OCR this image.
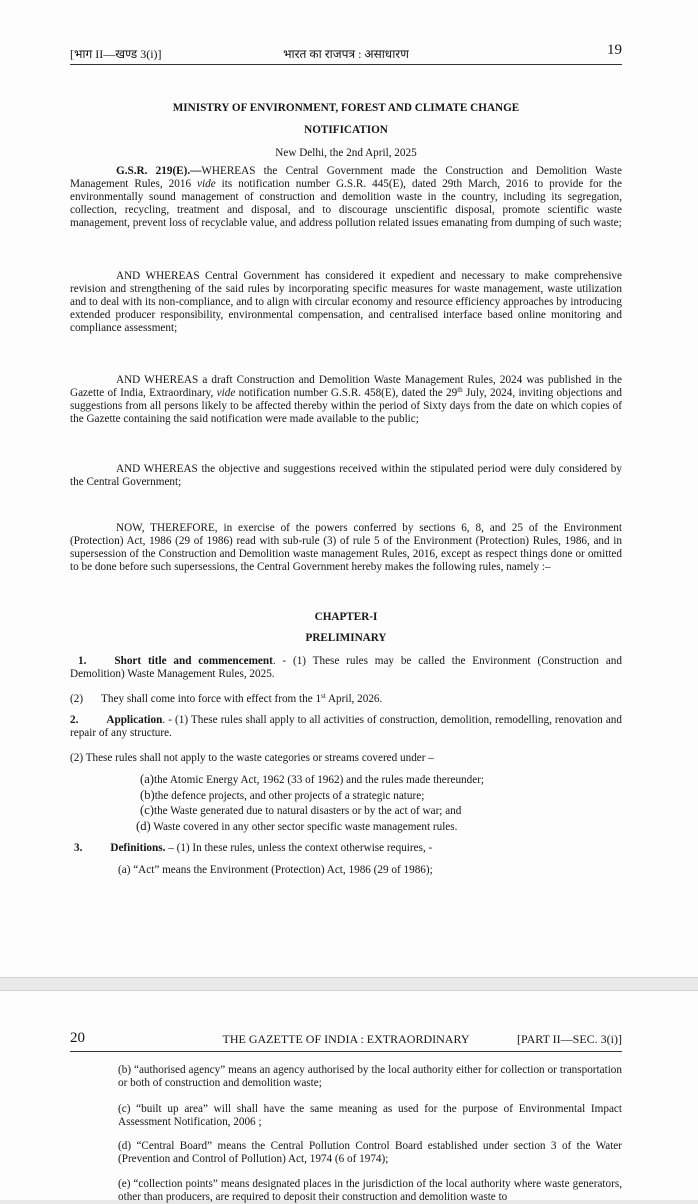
[भाग II—खण्ड 3(i)]	भारत का राजपत्र : असाधारण	19
MINISTRY OF ENVIRONMENT, FOREST AND CLIMATE CHANGE
NOTIFICATION
New Delhi, the 2nd April, 2025
G.S.R. 219(E).—WHEREAS the Central Government made the Construction and Demolition Waste Management Rules, 2016 vide its notification number G.S.R. 445(E), dated 29th March, 2016 to provide for the environmentally sound management of construction and demolition waste in the country, including its segregation, collection, recycling, treatment and disposal, and to discourage unscientific disposal, promote scientific waste management, prevent loss of recyclable value, and address pollution related issues emanating from dumping of such waste;
AND WHEREAS Central Government has considered it expedient and necessary to make comprehensive revision and strengthening of the said rules by incorporating specific measures for waste management, waste utilization and to deal with its non-compliance, and to align with circular economy and resource efficiency approaches by introducing extended producer responsibility, environmental compensation, and centralised interface based online monitoring and compliance assessment;
AND WHEREAS a draft Construction and Demolition Waste Management Rules, 2024 was published in the Gazette of India, Extraordinary, vide notification number G.S.R. 458(E), dated the 29th July, 2024, inviting objections and suggestions from all persons likely to be affected thereby within the period of Sixty days from the date on which copies of the Gazette containing the said notification were made available to the public;
AND WHEREAS the objective and suggestions received within the stipulated period were duly considered by the Central Government;
NOW, THEREFORE, in exercise of the powers conferred by sections 6, 8, and 25 of the Environment (Protection) Act, 1986 (29 of 1986) read with sub-rule (3) of rule 5 of the Environment (Protection) Rules, 1986, and in supersession of the Construction and Demolition waste management Rules, 2016, except as respect things done or omitted to be done before such supersessions, the Central Government hereby makes the following rules, namely :–
CHAPTER-I
PRELIMINARY
1.	Short title and commencement. - (1) These rules may be called the Environment (Construction and Demolition) Waste Management Rules, 2025.
(2) They shall come into force with effect from the 1st April, 2026.
2.	Application. - (1) These rules shall apply to all activities of construction, demolition, remodelling, renovation and repair of any structure.
(2) These rules shall not apply to the waste categories or streams covered under –
(a)the Atomic Energy Act, 1962 (33 of 1962) and the rules made thereunder;
(b)the defence projects, and other projects of a strategic nature;
(c)the Waste generated due to natural disasters or by the act of war; and
(d) Waste covered in any other sector specific waste management rules.
3.	Definitions. – (1) In these rules, unless the context otherwise requires, -
(a) “Act” means the Environment (Protection) Act, 1986 (29 of 1986);
20	THE GAZETTE OF INDIA : EXTRAORDINARY	[PART II—SEC. 3(i)]
(b) “authorised agency” means an agency authorised by the local authority either for collection or transportation or both of construction and demolition waste;
(c) “built up area” will shall have the same meaning as used for the purpose of Environmental Impact Assessment Notification, 2006 ;
(d) “Central Board” means the Central Pollution Control Board established under section 3 of the Water (Prevention and Control of Pollution) Act, 1974 (6 of 1974);
(e) “collection points” means designated places in the jurisdiction of the local authority where waste generators, other than producers, are required to deposit their construction and demolition waste to
